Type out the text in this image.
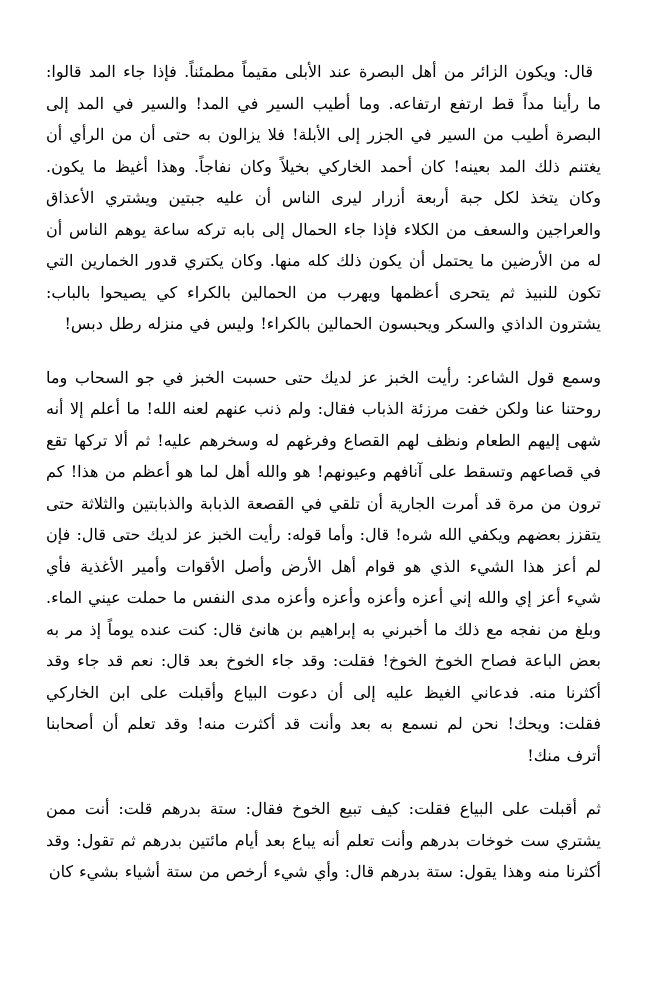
قال: ويكون الزائر من أهل البصرة عند الأبلى مقيماً مطمئناً. فإذا جاء المد قالوا: ما رأينا مداً قط ارتفع ارتفاعه. وما أطيب السير في المد! والسير في المد إلى البصرة أطيب من السير في الجزر إلى الأبلة! فلا يزالون به حتى أن من الرأي أن يغتنم ذلك المد بعينه! كان أحمد الخاركي بخيلاً وكان نفاجاً. وهذا أغيظ ما يكون. وكان يتخذ لكل جبة أربعة أزرار ليرى الناس أن عليه جبتين ويشتري الأعذاق والعراجين والسعف من الكلاء فإذا جاء الحمال إلى بابه تركه ساعة يوهم الناس أن له من الأرضين ما يحتمل أن يكون ذلك كله منها. وكان يكتري قدور الخمارين التي تكون للنبيذ ثم يتحرى أعظمها ويهرب من الحمالين بالكراء كي يصيحوا بالباب: يشترون الداذي والسكر ويحبسون الحمالين بالكراء! وليس في منزله رطل دبس!

وسمع قول الشاعر: رأيت الخبز عز لديك حتى حسبت الخبز في جو السحاب وما روحتنا عنا ولكن خفت مرزئة الذباب فقال: ولم ذنب عنهم لعنه الله! ما أعلم إلا أنه شهى إليهم الطعام ونظف لهم القصاع وفرغهم له وسخرهم عليه! ثم ألا تركها تقع في قصاعهم وتسقط على آنافهم وعيونهم! هو والله أهل لما هو أعظم من هذا! كم ترون من مرة قد أمرت الجارية أن تلقي في القصعة الذبابة والذبابتين والثلاثة حتى يتقزز بعضهم ويكفي الله شره! قال: وأما قوله: رأيت الخبز عز لديك حتى قال: فإن لم أعز هذا الشيء الذي هو قوام أهل الأرض وأصل الأقوات وأمير الأغذية فأي شيء أعز إي والله إني أعزه وأعزه وأعزه وأعزه مدى النفس ما حملت عيني الماء. وبلغ من نفجه مع ذلك ما أخبرني به إبراهيم بن هانئ قال: كنت عنده يوماً إذ مر به بعض الباعة فصاح الخوخ الخوخ! فقلت: وقد جاء الخوخ بعد قال: نعم قد جاء وقد أكثرنا منه. فدعاني الغيظ عليه إلى أن دعوت البياع وأقبلت على ابن الخاركي فقلت: ويحك! نحن لم نسمع به بعد وأنت قد أكثرت منه! وقد تعلم أن أصحابنا أترف منك!

ثم أقبلت على البياع فقلت: كيف تبيع الخوخ فقال: ستة بدرهم قلت: أنت ممن يشتري ست خوخات بدرهم وأنت تعلم أنه يباع بعد أيام مائتين بدرهم ثم تقول: وقد أكثرنا منه وهذا يقول: ستة بدرهم قال: وأي شيء أرخص من ستة أشياء بشيء كان
